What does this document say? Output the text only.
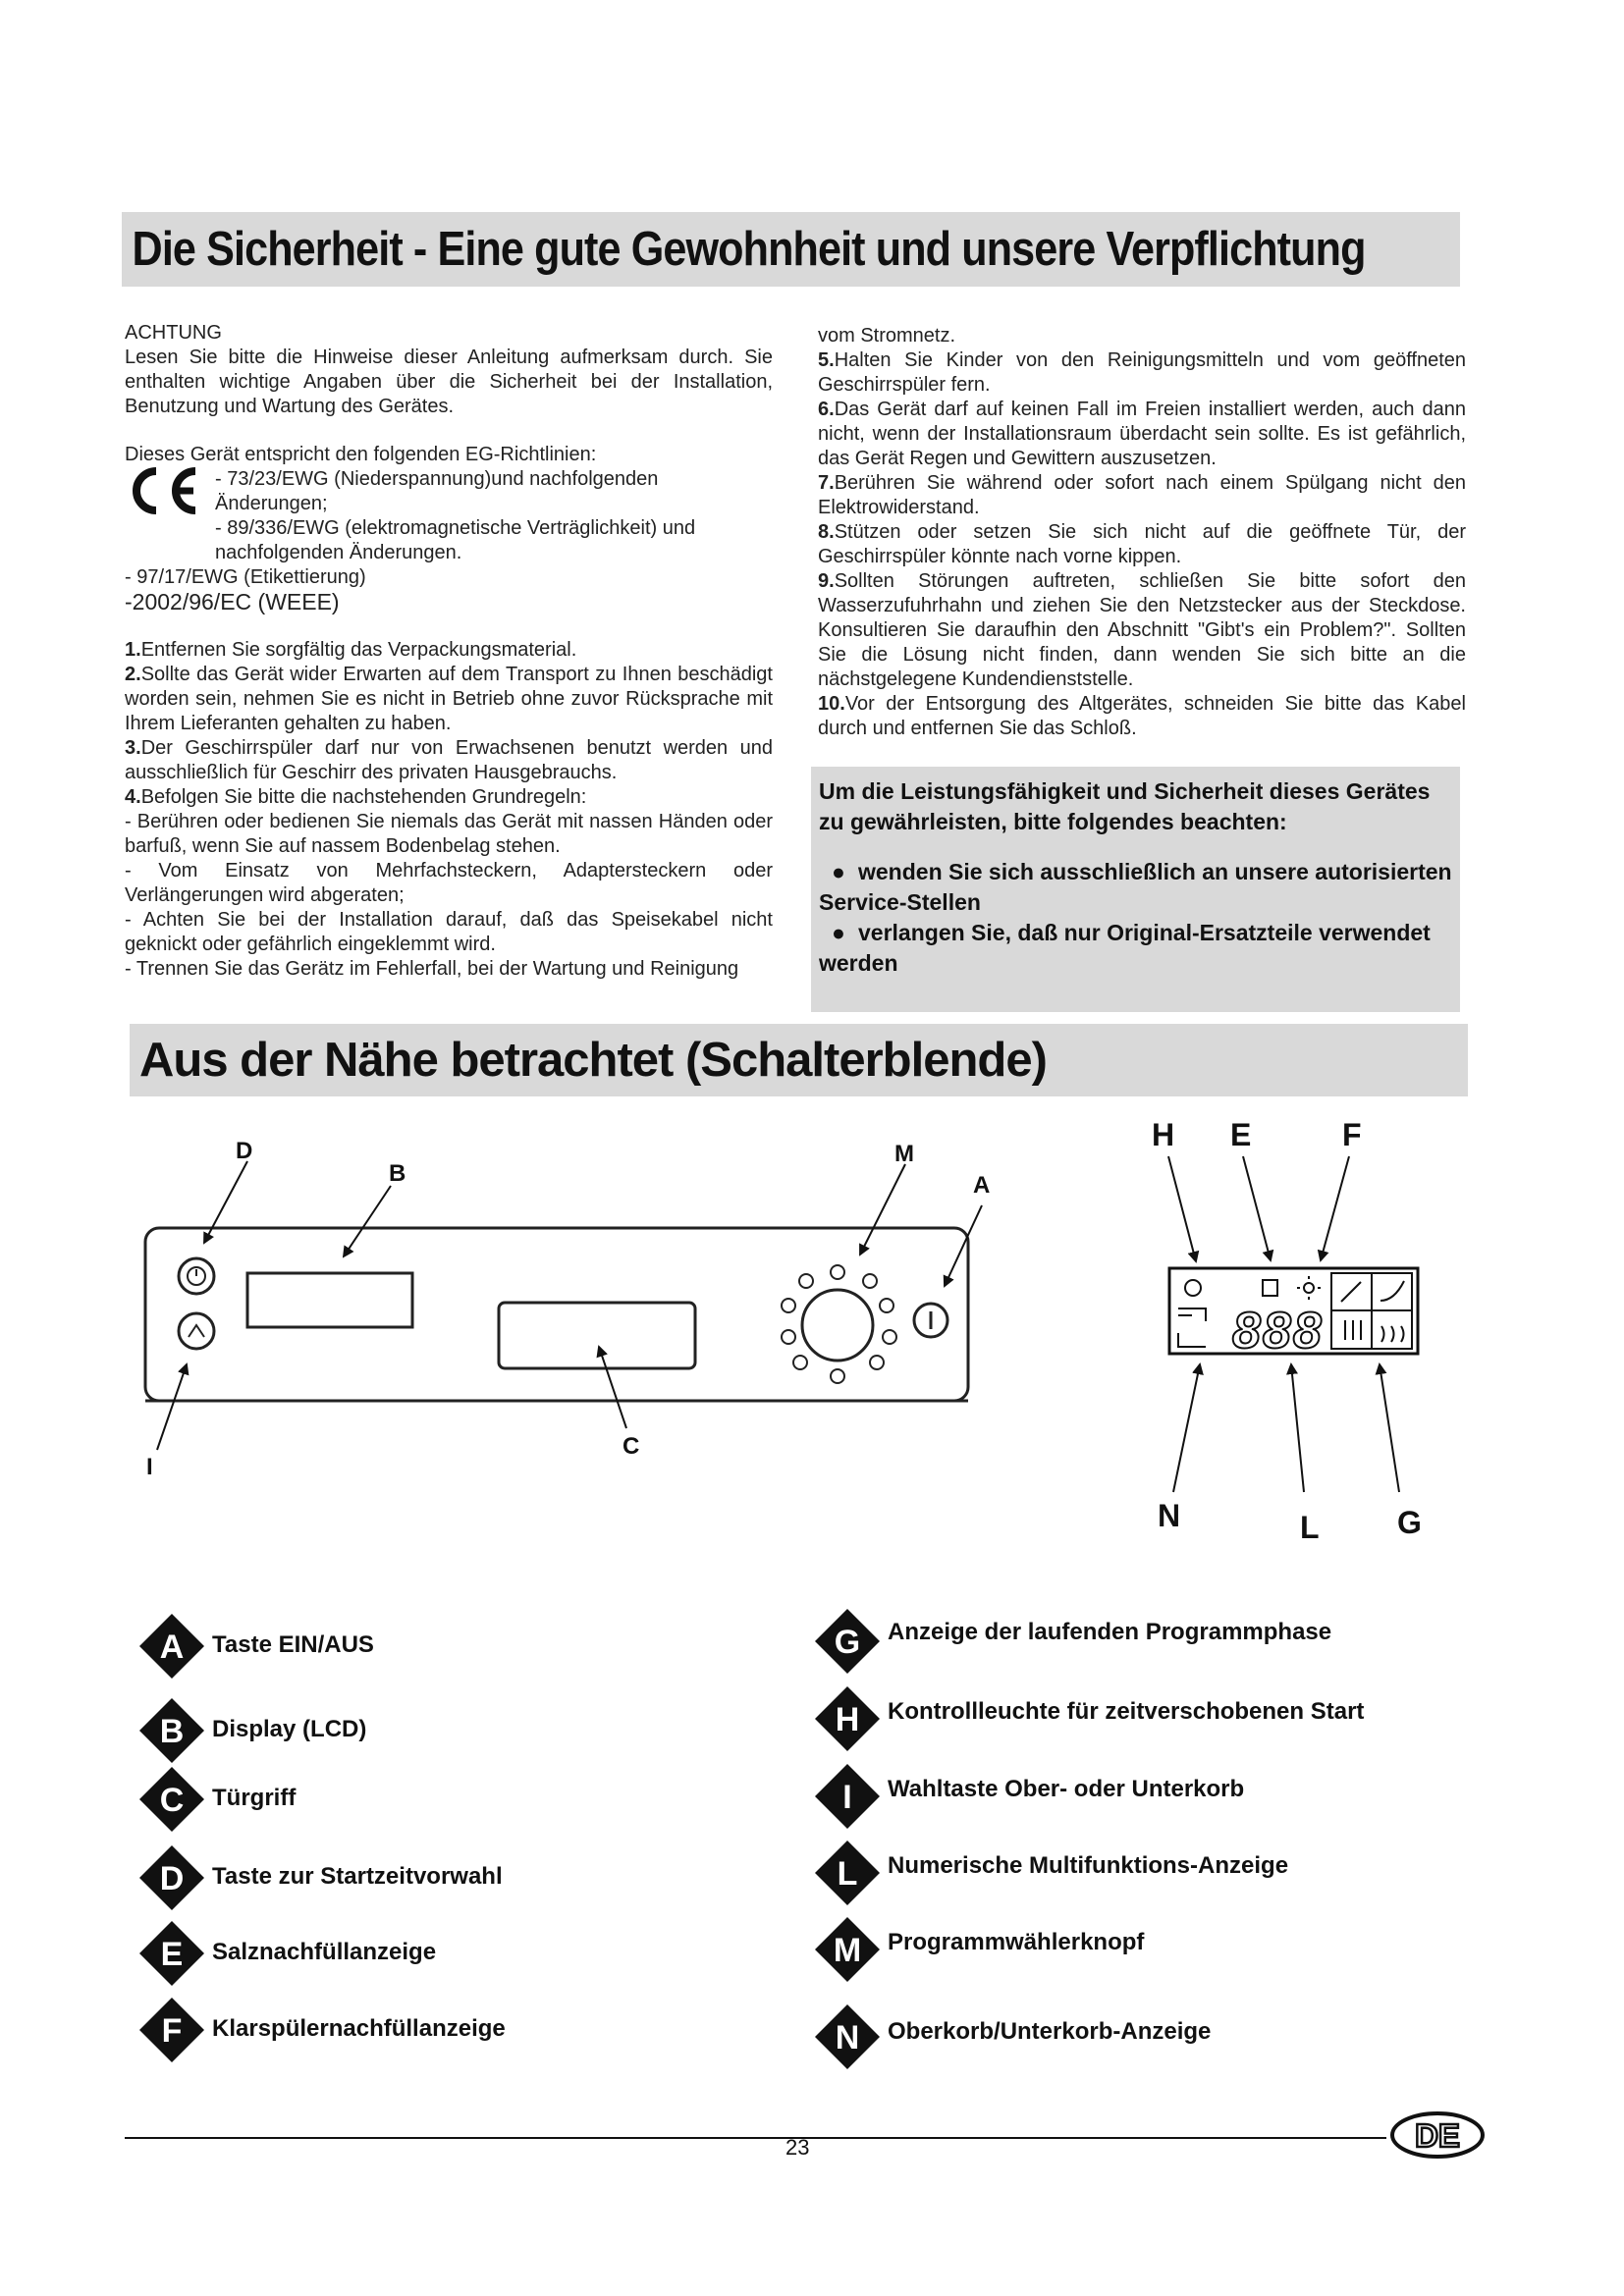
Die Sicherheit - Eine gute Gewohnheit und unsere Verpflichtung

ACHTUNG

Lesen Sie bitte die Hinweise dieser Anleitung aufmerksam durch. Sie enthalten wichtige Angaben über die Sicherheit bei der Installation, Benutzung und Wartung des Gerätes.

Dieses Gerät entspricht den folgenden EG-Richtlinien:

- 73/23/EWG (Niederspannung)und nachfolgenden Änderungen;

- 89/336/EWG (elektromagnetische Verträglichkeit) und nachfolgenden Änderungen.

- 97/17/EWG (Etikettierung)

-2002/96/EC (WEEE)

1.Entfernen Sie sorgfältig das Verpackungsmaterial.

2.Sollte das Gerät wider Erwarten auf dem Transport zu Ihnen beschädigt worden sein, nehmen Sie es nicht in Betrieb ohne zuvor Rücksprache mit Ihrem Lieferanten gehalten zu haben.

3.Der Geschirrspüler darf nur von Erwachsenen benutzt werden und ausschließlich für Geschirr des privaten Hausgebrauchs.

4.Befolgen Sie bitte die nachstehenden Grundregeln:

- Berühren oder bedienen Sie niemals das Gerät mit nassen Händen oder barfuß, wenn Sie auf nassem Bodenbelag stehen.

- Vom Einsatz von Mehrfachsteckern, Adaptersteckern oder Verlängerungen wird abgeraten;

- Achten Sie bei der Installation darauf, daß das Speisekabel nicht geknickt oder gefährlich eingeklemmt wird.

- Trennen Sie das Gerätz im Fehlerfall, bei der Wartung und Reinigung

vom Stromnetz.

5.Halten Sie Kinder von den Reinigungsmitteln und vom geöffneten Geschirrspüler fern.

6.Das Gerät darf auf keinen Fall im Freien installiert werden, auch dann nicht, wenn der Installationsraum überdacht sein sollte. Es ist gefährlich, das Gerät Regen und Gewittern auszusetzen.

7.Berühren Sie während oder sofort nach einem Spülgang nicht den Elektrowiderstand.

8.Stützen oder setzen Sie sich nicht auf die geöffnete Tür, der Geschirrspüler könnte nach vorne kippen.

9.Sollten Störungen auftreten, schließen Sie bitte sofort den Wasserzufuhrhahn und ziehen Sie den Netzstecker aus der Steckdose. Konsultieren Sie daraufhin den Abschnitt "Gibt's ein Problem?". Sollten Sie die Lösung nicht finden, dann wenden Sie sich bitte an die nächstgelegene Kundendienststelle.

10.Vor der Entsorgung des Altgerätes, schneiden Sie bitte das Kabel durch und entfernen Sie das Schloß.

Um die Leistungsfähigkeit und Sicherheit dieses Gerätes zu gewährleisten, bitte folgendes beachten:
● wenden Sie sich ausschließlich an unsere autorisierten Service-Stellen
● verlangen Sie, daß nur Original-Ersatzteile verwendet werden
Aus der Nähe betrachtet (Schalterblende)
888
D
B
M
A
I
C
H E	F
N	L G
A Taste EIN/AUS
B Display (LCD)
C Türgriff
D Taste zur Startzeitvorwahl
E Salznachfüllanzeige
F Klarspülernachfüllanzeige
G Anzeige der laufenden Programmphase
H Kontrollleuchte für zeitverschobenen Start
I Wahltaste Ober- oder Unterkorb
L Numerische Multifunktions-Anzeige
M Programmwählerknopf
N Oberkorb/Unterkorb-Anzeige
23	DE
